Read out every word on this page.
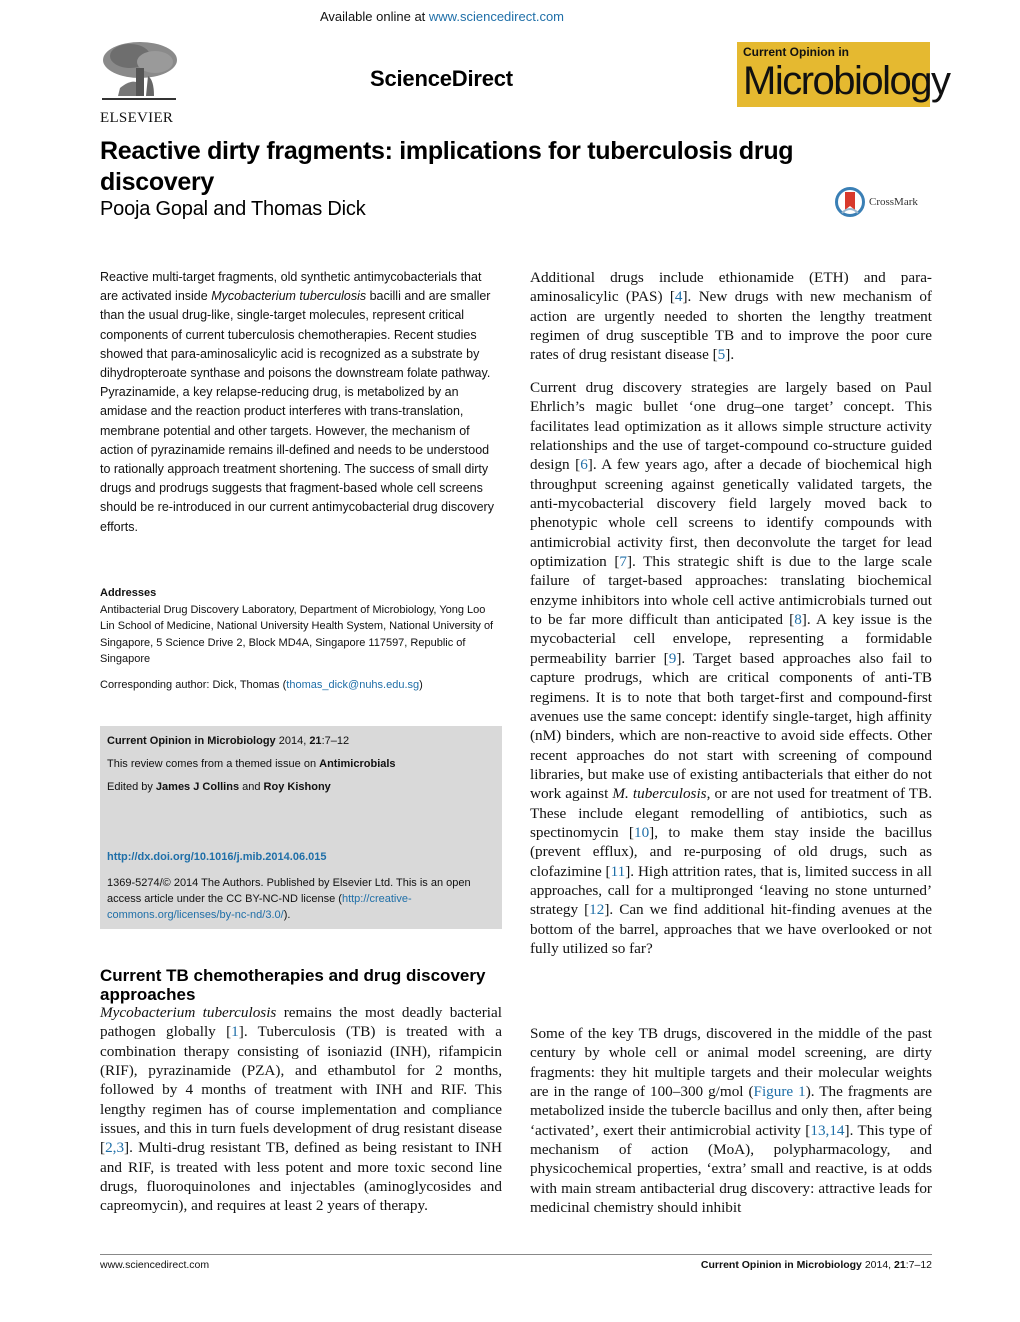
Available online at www.sciencedirect.com
ScienceDirect
ELSEVIER
Current Opinion in
Microbiology
Reactive dirty fragments: implications for tuberculosis drug discovery
Pooja Gopal and Thomas Dick	CrossMark
Reactive multi-target fragments, old synthetic antimycobacterials that are activated inside Mycobacterium tuberculosis bacilli and are smaller than the usual drug-like, single-target molecules, represent critical components of current tuberculosis chemotherapies. Recent studies showed that para-aminosalicylic acid is recognized as a substrate by dihydropteroate synthase and poisons the downstream folate pathway. Pyrazinamide, a key relapse-reducing drug, is metabolized by an amidase and the reaction product interferes with trans-translation, membrane potential and other targets. However, the mechanism of action of pyrazinamide remains ill-defined and needs to be understood to rationally approach treatment shortening. The success of small dirty drugs and prodrugs suggests that fragment-based whole cell screens should be re-introduced in our current antimycobacterial drug discovery efforts.
Addresses
Antibacterial Drug Discovery Laboratory, Department of Microbiology, Yong Loo Lin School of Medicine, National University Health System, National University of Singapore, 5 Science Drive 2, Block MD4A, Singapore 117597, Republic of Singapore
Corresponding author: Dick, Thomas (thomas_dick@nuhs.edu.sg)
Current Opinion in Microbiology 2014, 21:7–12
This review comes from a themed issue on Antimicrobials
Edited by James J Collins and Roy Kishony
http://dx.doi.org/10.1016/j.mib.2014.06.015
1369-5274/© 2014 The Authors. Published by Elsevier Ltd. This is an open access article under the CC BY-NC-ND license (http://creative-commons.org/licenses/by-nc-nd/3.0/).
Current TB chemotherapies and drug discovery approaches

Mycobacterium tuberculosis remains the most deadly bacterial pathogen globally [1]. Tuberculosis (TB) is treated with a combination therapy consisting of isoniazid (INH), rifampicin (RIF), pyrazinamide (PZA), and ethambutol for 2 months, followed by 4 months of treatment with INH and RIF. This lengthy regimen has of course implementation and compliance issues, and this in turn fuels development of drug resistant disease [2,3]. Multi-drug resistant TB, defined as being resistant to INH and RIF, is treated with less potent and more toxic second line drugs, fluoroquinolones and injectables (aminoglycosides and capreomycin), and requires at least 2 years of therapy.

Additional drugs include ethionamide (ETH) and para-aminosalicylic (PAS) [4]. New drugs with new mechanism of action are urgently needed to shorten the lengthy treatment regimen of drug susceptible TB and to improve the poor cure rates of drug resistant disease [5].

Current drug discovery strategies are largely based on Paul Ehrlich’s magic bullet ‘one drug–one target’ concept. This facilitates lead optimization as it allows simple structure activity relationships and the use of target-compound co-structure guided design [6]. A few years ago, after a decade of biochemical high throughput screening against genetically validated targets, the anti-mycobacterial discovery field largely moved back to phenotypic whole cell screens to identify compounds with antimicrobial activity first, then deconvolute the target for lead optimization [7]. This strategic shift is due to the large scale failure of target-based approaches: translating biochemical enzyme inhibitors into whole cell active antimicrobials turned out to be far more difficult than anticipated [8]. A key issue is the mycobacterial cell envelope, representing a formidable permeability barrier [9]. Target based approaches also fail to capture prodrugs, which are critical components of anti-TB regimens. It is to note that both target-first and compound-first avenues use the same concept: identify single-target, high affinity (nM) binders, which are non-reactive to avoid side effects. Other recent approaches do not start with screening of compound libraries, but make use of existing antibacterials that either do not work against M. tuberculosis, or are not used for treatment of TB. These include elegant remodelling of antibiotics, such as spectinomycin [10], to make them stay inside the bacillus (prevent efflux), and re-purposing of old drugs, such as clofazimine [11]. High attrition rates, that is, limited success in all approaches, call for a multipronged ‘leaving no stone unturned’ strategy [12]. Can we find additional hit-finding avenues at the bottom of the barrel, approaches that we have overlooked or not fully utilized so far?

Some of the key TB drugs, discovered in the middle of the past century by whole cell or animal model screening, are dirty fragments: they hit multiple targets and their molecular weights are in the range of 100–300 g/mol (Figure 1). The fragments are metabolized inside the tubercle bacillus and only then, after being ‘activated’, exert their antimicrobial activity [13,14]. This type of mechanism of action (MoA), polypharmacology, and physicochemical properties, ‘extra’ small and reactive, is at odds with main stream antibacterial drug discovery: attractive leads for medicinal chemistry should inhibit

www.sciencedirect.com	Current Opinion in Microbiology 2014, 21:7–12
